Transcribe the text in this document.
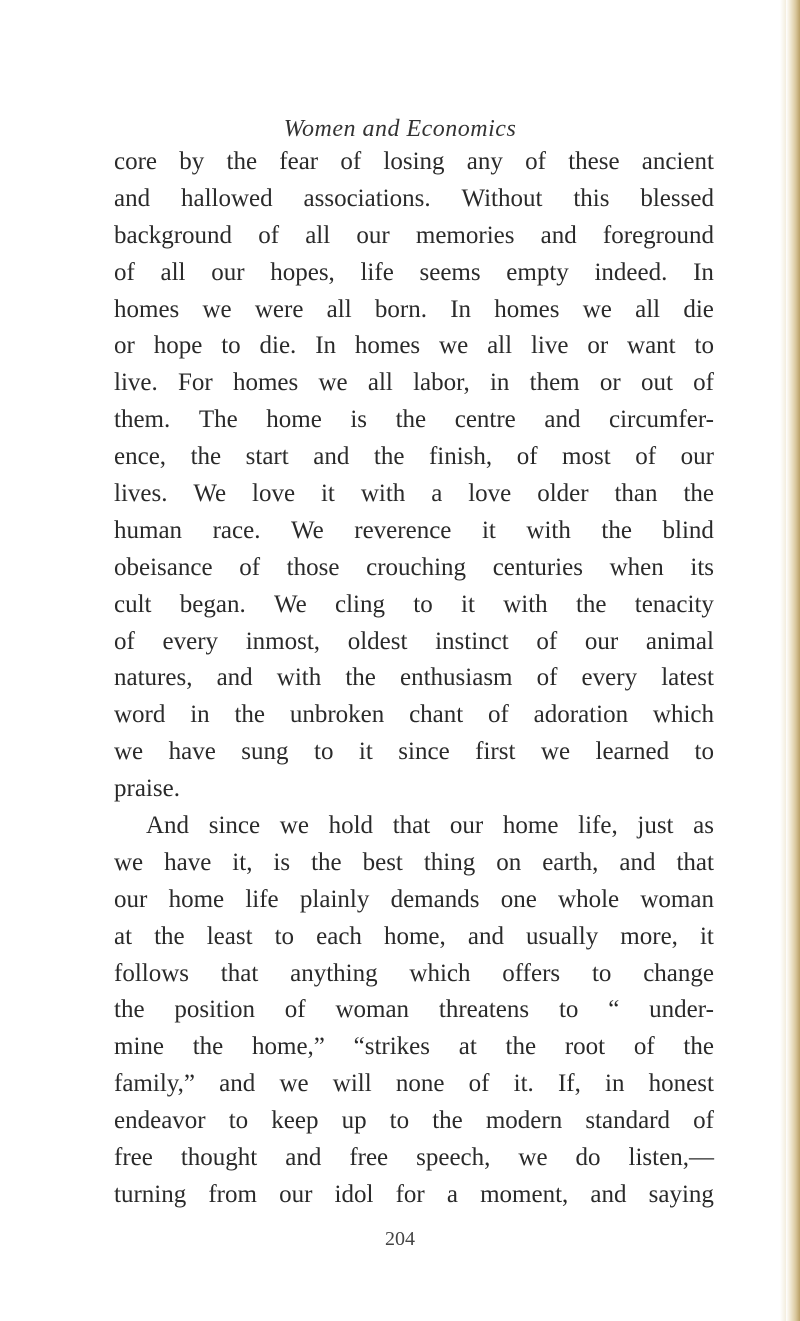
Women and Economics
core by the fear of losing any of these ancient
and hallowed associations. Without this blessed
background of all our memories and foreground
of all our hopes, life seems empty indeed. In
homes we were all born. In homes we all die
or hope to die. In homes we all live or want to
live. For homes we all labor, in them or out of
them. The home is the centre and circumfer-
ence, the start and the finish, of most of our
lives. We love it with a love older than the
human race. We reverence it with the blind
obeisance of those crouching centuries when its
cult began. We cling to it with the tenacity
of every inmost, oldest instinct of our animal
natures, and with the enthusiasm of every latest
word in the unbroken chant of adoration which
we have sung to it since first we learned to
praise.
And since we hold that our home life, just as
we have it, is the best thing on earth, and that
our home life plainly demands one whole woman
at the least to each home, and usually more, it
follows that anything which offers to change
the position of woman threatens to “ under-
mine the home,” “strikes at the root of the
family,” and we will none of it. If, in honest
endeavor to keep up to the modern standard of
free thought and free speech, we do listen,—
turning from our idol for a moment, and saying
204
